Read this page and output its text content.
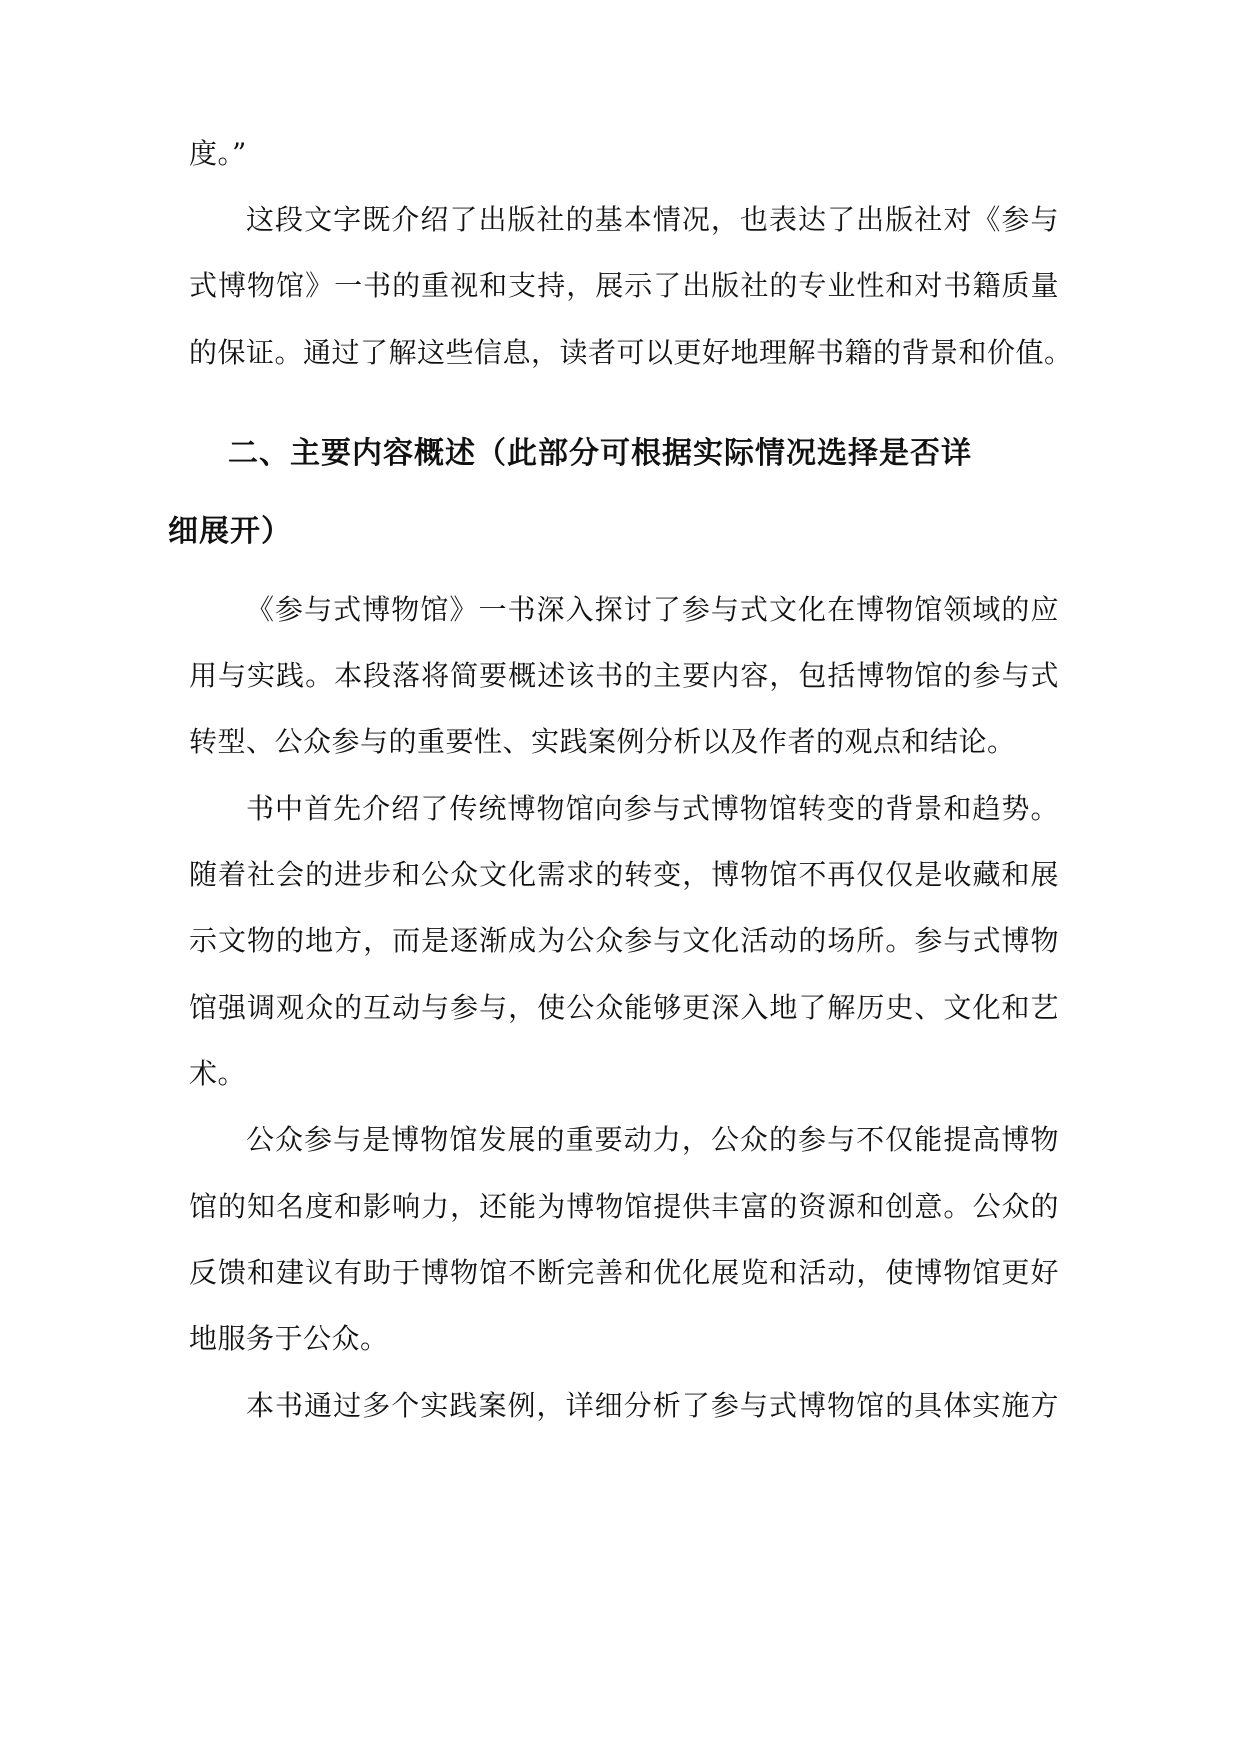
度。”
这段文字既介绍了出版社的基本情况，也表达了出版社对《参与
式博物馆》一书的重视和支持，展示了出版社的专业性和对书籍质量
的保证。通过了解这些信息，读者可以更好地理解书籍的背景和价值。
二、主要内容概述（此部分可根据实际情况选择是否详
细展开）
《参与式博物馆》一书深入探讨了参与式文化在博物馆领域的应
用与实践。本段落将简要概述该书的主要内容，包括博物馆的参与式
转型、公众参与的重要性、实践案例分析以及作者的观点和结论。
书中首先介绍了传统博物馆向参与式博物馆转变的背景和趋势。
随着社会的进步和公众文化需求的转变，博物馆不再仅仅是收藏和展
示文物的地方，而是逐渐成为公众参与文化活动的场所。参与式博物
馆强调观众的互动与参与，使公众能够更深入地了解历史、文化和艺
术。
公众参与是博物馆发展的重要动力，公众的参与不仅能提高博物
馆的知名度和影响力，还能为博物馆提供丰富的资源和创意。公众的
反馈和建议有助于博物馆不断完善和优化展览和活动，使博物馆更好
地服务于公众。
本书通过多个实践案例，详细分析了参与式博物馆的具体实施方
